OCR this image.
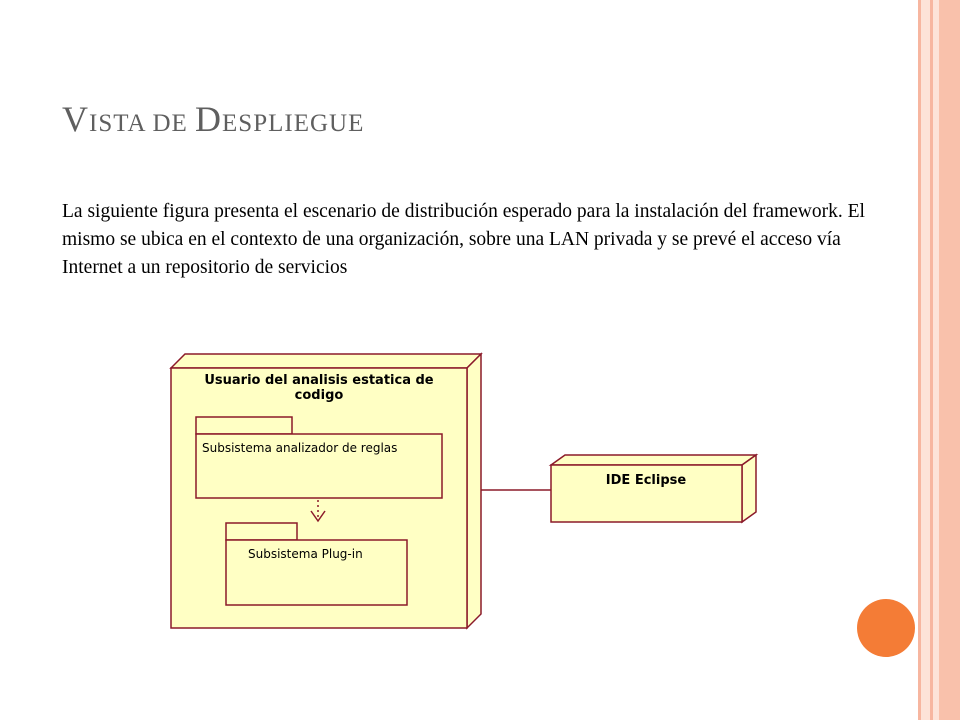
VISTA DE DESPLIEGUE

La siguiente figura presenta el escenario de distribución esperado para la instalación del framework. El mismo se ubica en el contexto de una organización, sobre una LAN privada y se prevé el acceso vía Internet a un repositorio de servicios

Usuario del analisis estatica de
codigo
Subsistema analizador de reglas
Subsistema Plug-in
IDE Eclipse
